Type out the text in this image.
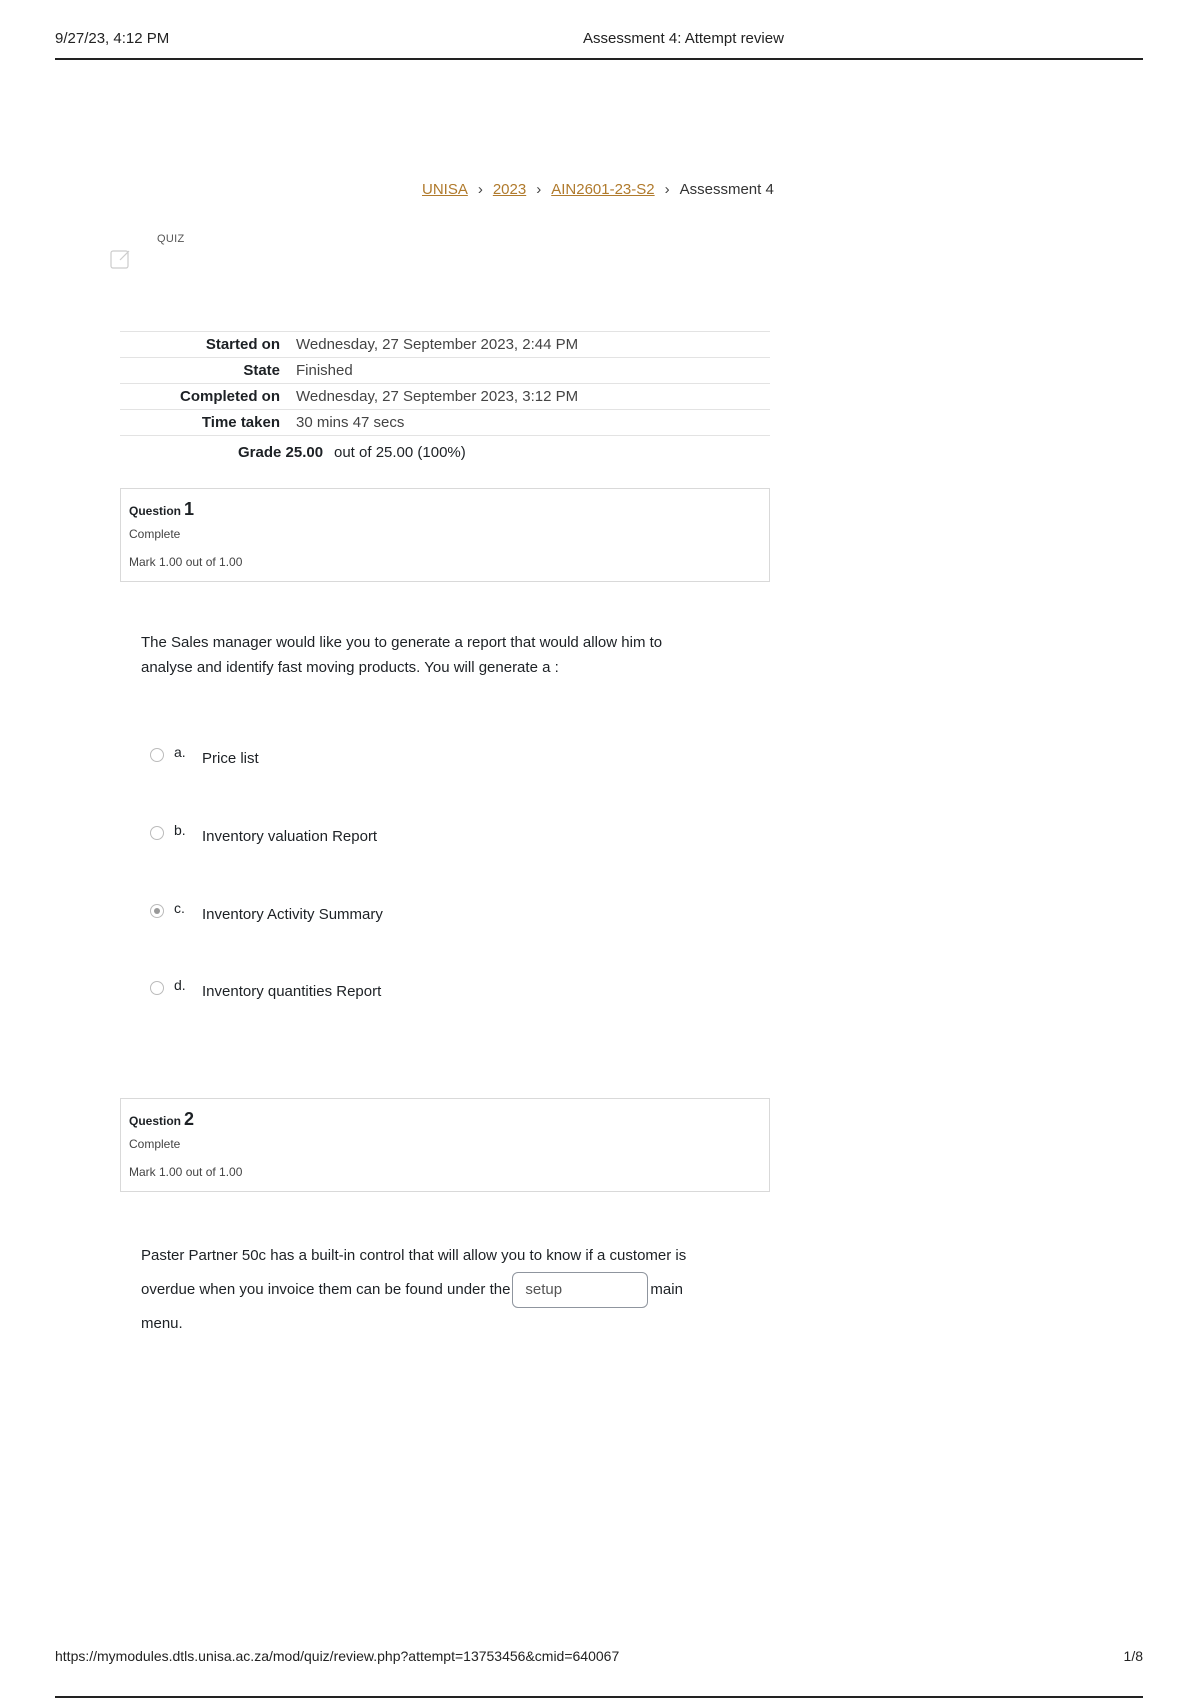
9/27/23, 4:12 PM	Assessment 4: Attempt review
UNISA › 2023 › AIN2601-23-S2 › Assessment 4
QUIZ
Started on	Wednesday, 27 September 2023, 2:44 PM
State	Finished
Completed on	Wednesday, 27 September 2023, 3:12 PM
Time taken	30 mins 47 secs
Grade 25.00 out of 25.00 (100%)
Question 1
Complete
Mark 1.00 out of 1.00
The Sales manager would like you to generate a report that would allow him to
analyse and identify fast moving products. You will generate a :
a. Price list
b. Inventory valuation Report
c. Inventory Activity Summary
d. Inventory quantities Report
Question 2
Complete
Mark 1.00 out of 1.00
Paster Partner 50c has a built-in control that will allow you to know if a customer is
overdue when you invoice them can be found under the setup	main
menu.
https://mymodules.dtls.unisa.ac.za/mod/quiz/review.php?attempt=13753456&cmid=640067	1/8
